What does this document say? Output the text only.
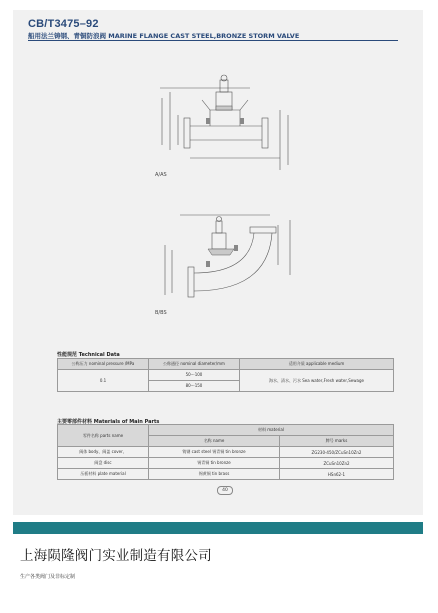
CB/T3475–92
船用法兰铸钢、青铜防浪阀 MARINE FLANGE CAST STEEL,BRONZE STORM VALVE
A/AS
B/BS
性能规范 Technical Data
公称压力 nominal pressure /MPa	公称通径 nominal diameter/mm	适用介质 applicable medium
0.1	50～100	海水、清水、污水 Sea water,Fresh water,Sewage
	80～150	
主要零部件材料 Materials of Main Parts
零件名称 parts name	材料 material	
	名称 name	牌号 marks
阀体 body、阀盖 cover、	铸钢 cast steel 锡青铜 tin bronze	ZG230-450/ZCuSn10Zn2
阀盘 disc	锡青铜 tin bronze	ZCuSn10Zn2
压板材料 plate material	锡黄铜 tin brass	HSn62-1
40
上海陨隆阀门实业制造有限公司
生产各类阀门及非标定制
